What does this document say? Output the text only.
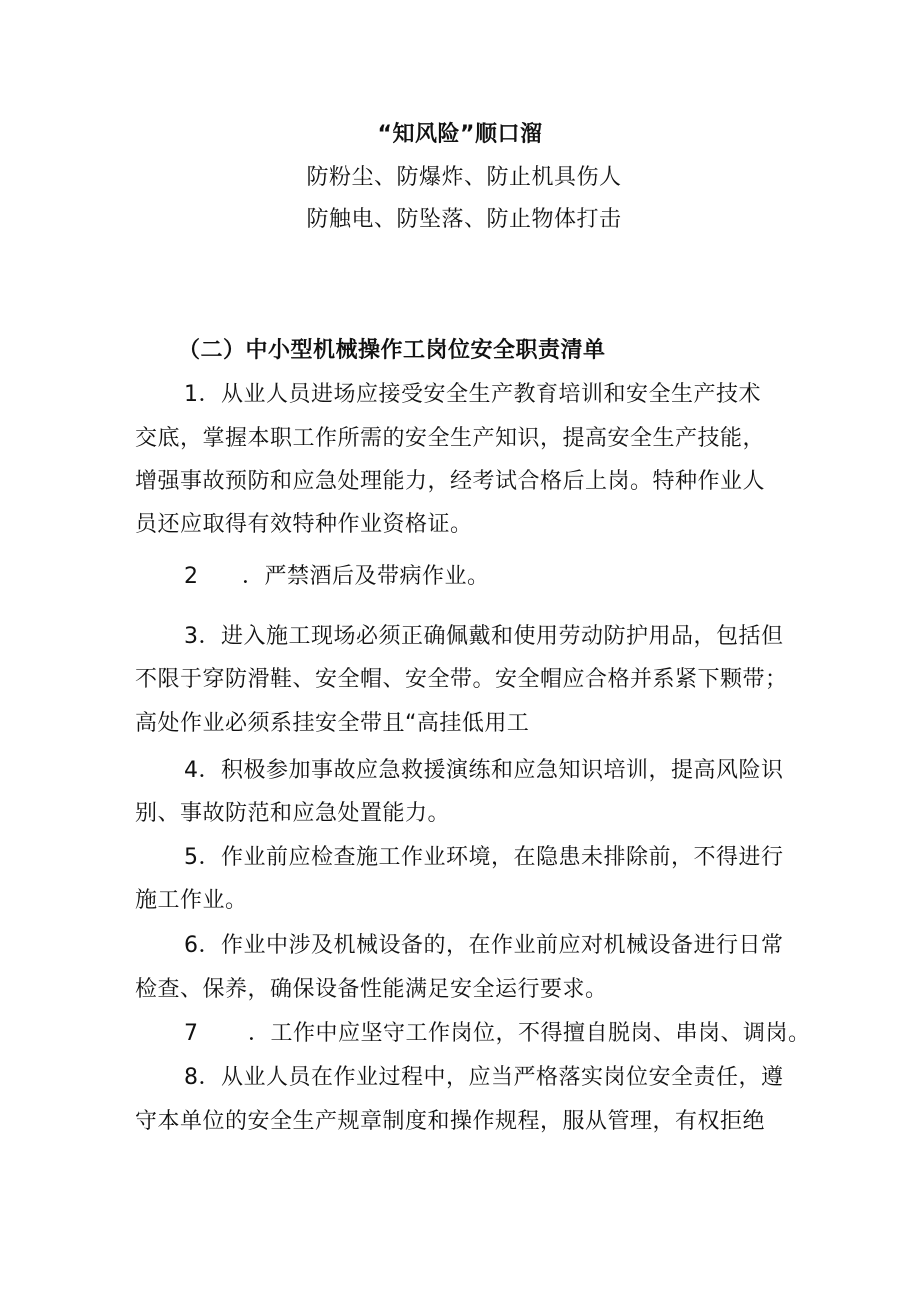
“知风险”顺口溜
防粉尘、防爆炸、防止机具伤人
防触电、防坠落、防止物体打击
（二）中小型机械操作工岗位安全职责清单
1．从业人员进场应接受安全生产教育培训和安全生产技术
交底，掌握本职工作所需的安全生产知识，提高安全生产技能，
增强事故预防和应急处理能力，经考试合格后上岗。特种作业人
员还应取得有效特种作业资格证。
2 ．严禁酒后及带病作业。
3．进入施工现场必须正确佩戴和使用劳动防护用品，包括但
不限于穿防滑鞋、安全帽、安全带。安全帽应合格并系紧下颗带；
高处作业必须系挂安全带且“高挂低用工
4．积极参加事故应急救援演练和应急知识培训，提高风险识
别、事故防范和应急处置能力。
5．作业前应检查施工作业环境，在隐患未排除前，不得进行
施工作业。
6．作业中涉及机械设备的，在作业前应对机械设备进行日常
检查、保养，确保设备性能满足安全运行要求。
7 ．工作中应坚守工作岗位，不得擅自脱岗、串岗、调岗。
8．从业人员在作业过程中，应当严格落实岗位安全责任，遵
守本单位的安全生产规章制度和操作规程，服从管理，有权拒绝
